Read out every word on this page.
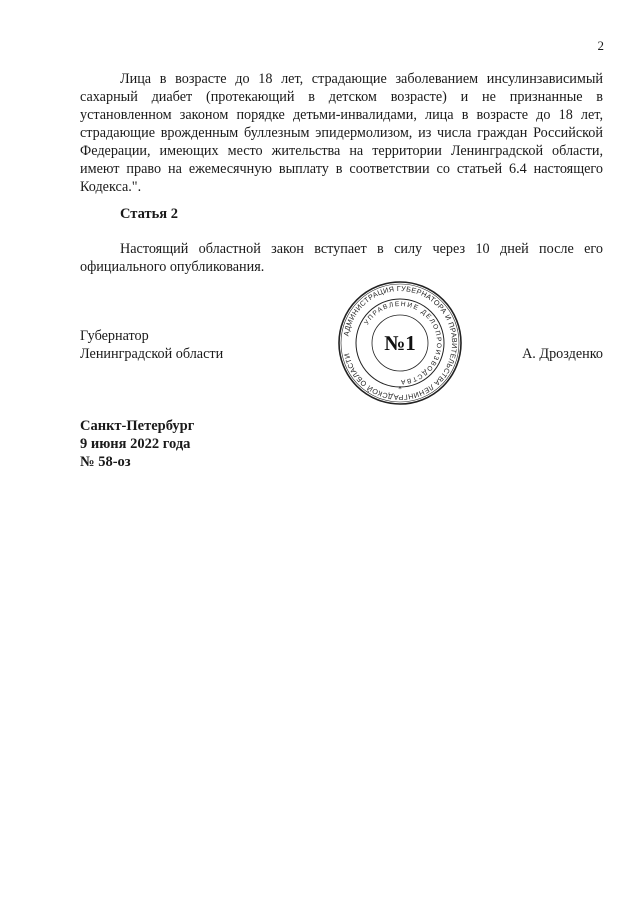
2

Лица в возрасте до 18 лет, страдающие заболеванием инсулинзависимый сахарный диабет (протекающий в детском возрасте) и не признанные в установленном законом порядке детьми-инвалидами, лица в возрасте до 18 лет, страдающие врожденным буллезным эпидермолизом, из числа граждан Российской Федерации, имеющих место жительства на территории Ленинградской области, имеют право на ежемесячную выплату в соответствии со статьей 6.4 настоящего Кодекса.".

Статья 2

Настоящий областной закон вступает в силу через 10 дней после его официального опубликования.

Губернатор
Ленинградской области
АДМИНИСТРАЦИЯ ГУБЕРНАТОРА И ПРАВИТЕЛЬСТВА ЛЕНИНГРАДСКОЙ ОБЛАСТИ
УПРАВЛЕНИЕ ДЕЛОПРОИЗВОДСТВА
№1
*
А. Дрозденко
Санкт-Петербург
9 июня 2022 года
№ 58-оз
